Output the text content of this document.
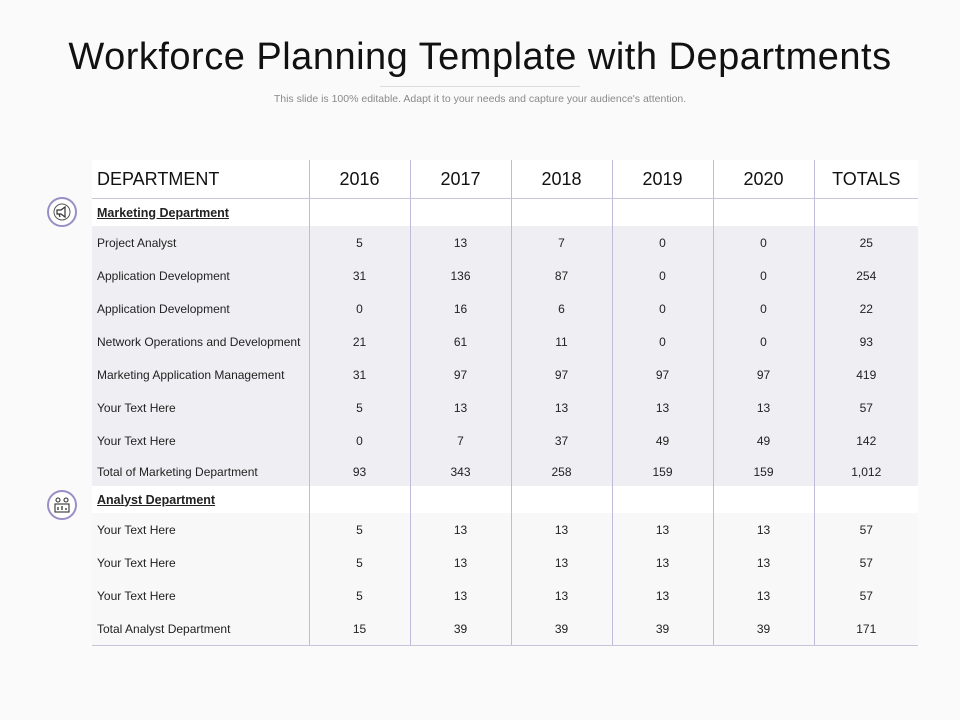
Workforce Planning Template with Departments
This slide is 100% editable. Adapt it to your needs and capture your audience's attention.
DEPARTMENT	2016	2017	2018	2019	2020	TOTALS
Marketing Department						
Project Analyst	5	13	7	0	0	25
Application Development	31	136	87	0	0	254
Application Development	0	16	6	0	0	22
Network Operations and Development	21	61	11	0	0	93
Marketing Application Management	31	97	97	97	97	419
Your Text Here	5	13	13	13	13	57
Your Text Here	0	7	37	49	49	142
Total of Marketing Department	93	343	258	159	159	1,012
Analyst Department						
Your Text Here	5	13	13	13	13	57
Your Text Here	5	13	13	13	13	57
Your Text Here	5	13	13	13	13	57
Total Analyst Department	15	39	39	39	39	171
